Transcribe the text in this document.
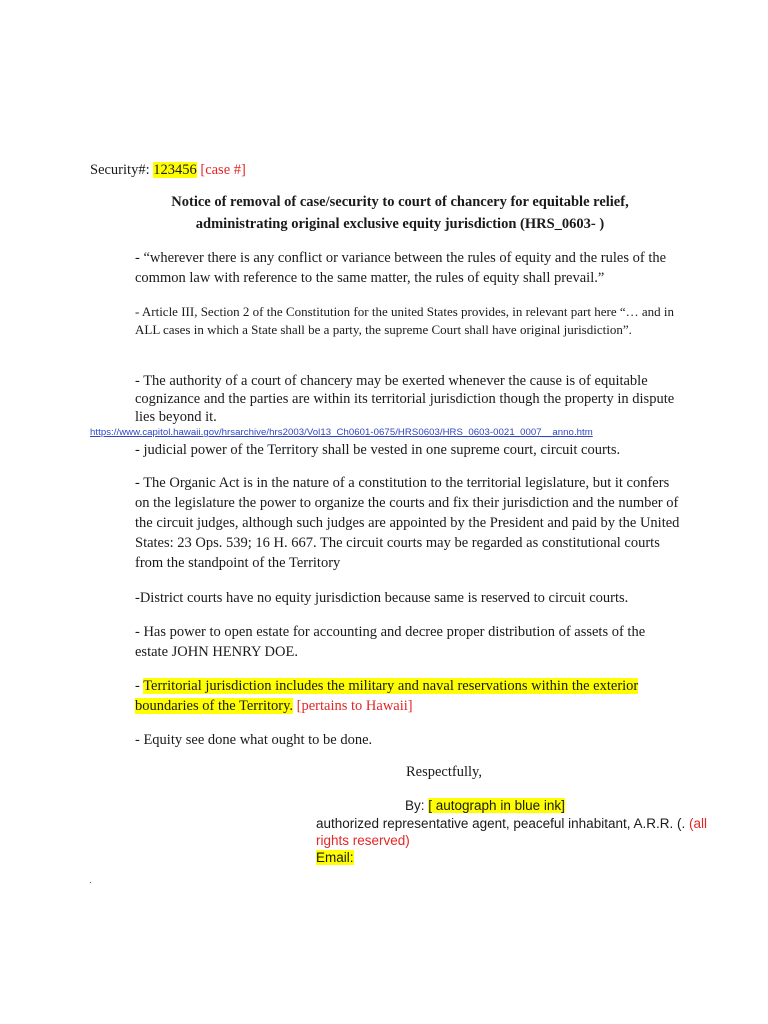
Security#: 123456 [case #]
Notice of removal of case/security to court of chancery for equitable relief,
administrating original exclusive equity jurisdiction (HRS_0603- )
- “wherever there is any conflict or variance between the rules of equity and the rules of the common law with reference to the same matter, the rules of equity shall prevail.”
- Article III, Section 2 of the Constitution for the united States provides, in relevant part here “… and in ALL cases in which a State shall be a party, the supreme Court shall have original jurisdiction”.
- The authority of a court of chancery may be exerted whenever the cause is of equitable cognizance and the parties are within its territorial jurisdiction though the property in dispute lies beyond it.
https://www.capitol.hawaii.gov/hrsarchive/hrs2003/Vol13_Ch0601-0675/HRS0603/HRS_0603-0021_0007__anno.htm
- judicial power of the Territory shall be vested in one supreme court, circuit courts.
- The Organic Act is in the nature of a constitution to the territorial legislature, but it confers on the legislature the power to organize the courts and fix their jurisdiction and the number of the circuit judges, although such judges are appointed by the President and paid by the United States: 23 Ops. 539; 16 H. 667. The circuit courts may be regarded as constitutional courts from the standpoint of the Territory
-District courts have no equity jurisdiction because same is reserved to circuit courts.
- Has power to open estate for accounting and decree proper distribution of assets of the estate JOHN HENRY DOE.
- Territorial jurisdiction includes the military and naval reservations within the exterior boundaries of the Territory. [pertains to Hawaii]
- Equity see done what ought to be done.
Respectfully,
By: [ autograph in blue ink]
authorized representative agent, peaceful inhabitant, A.R.R. (. (all rights reserved)
Email:
.
